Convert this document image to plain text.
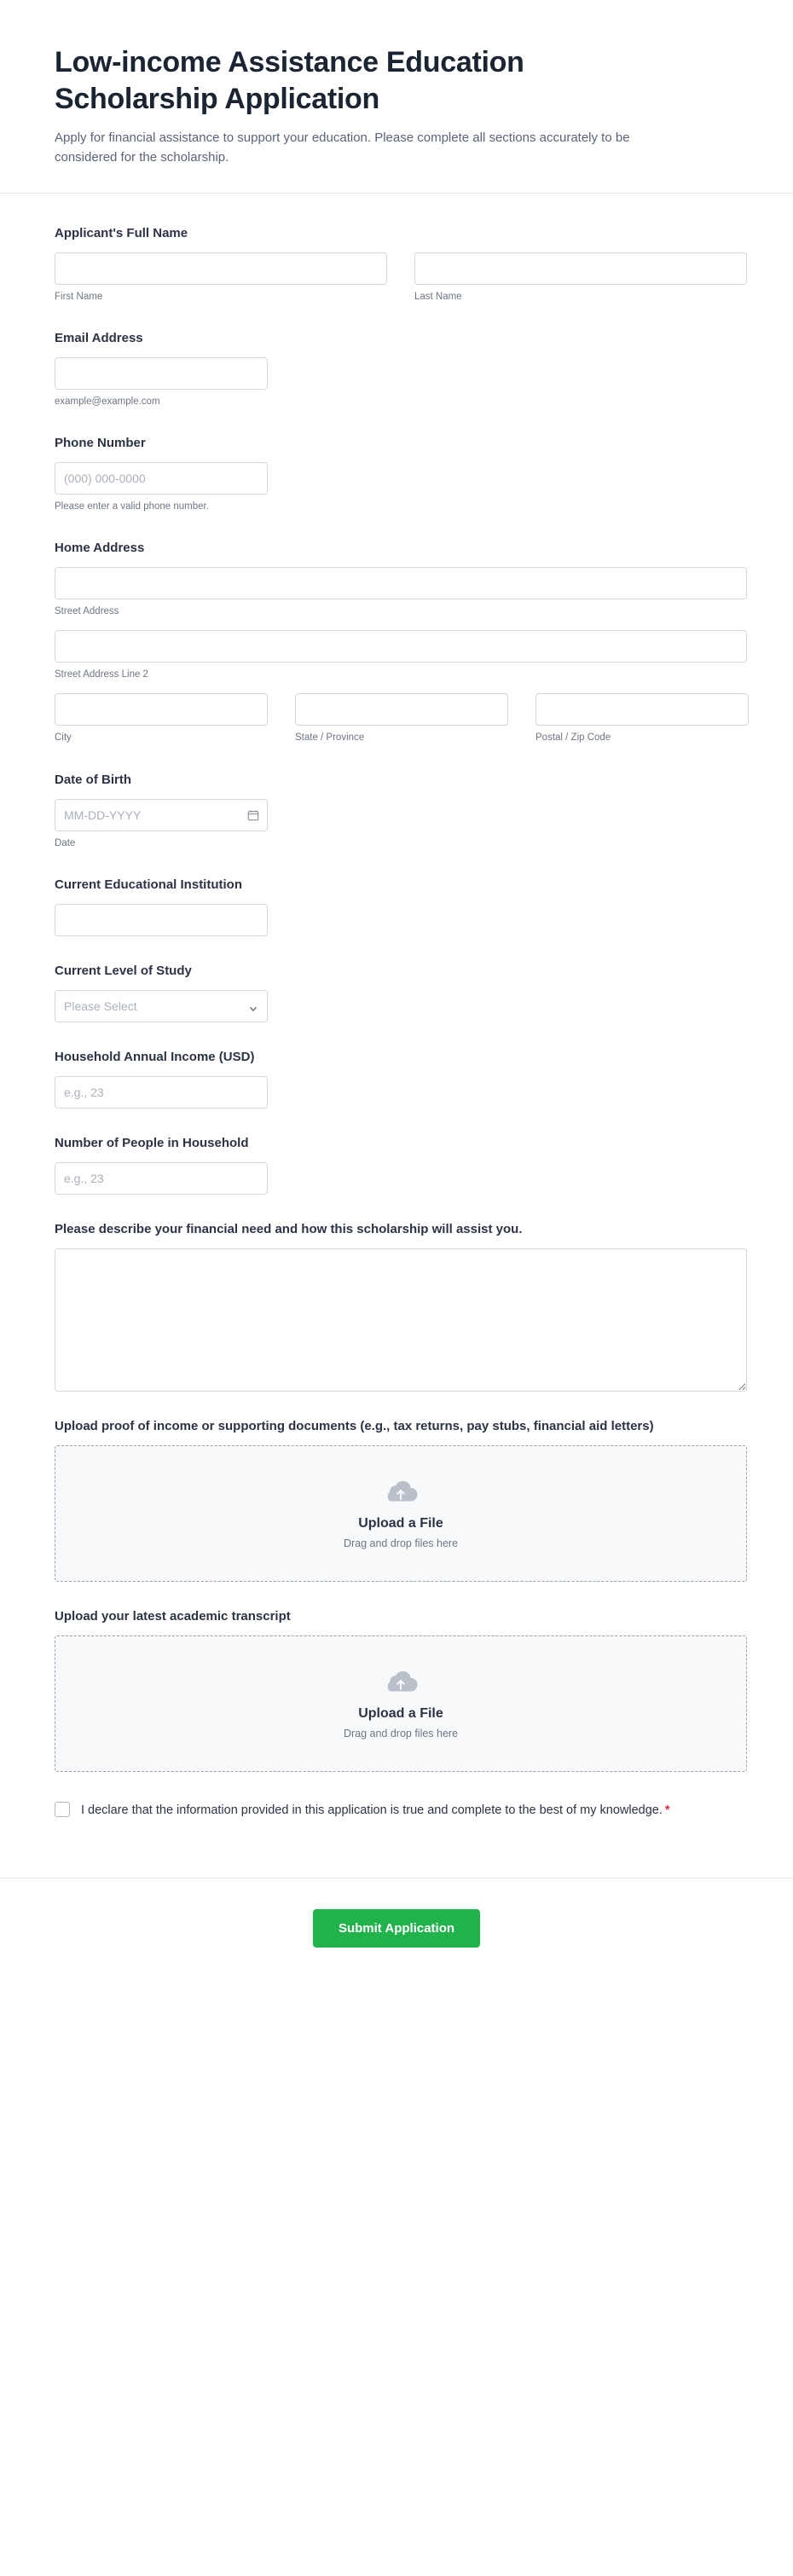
Low-income Assistance Education Scholarship Application

Apply for financial assistance to support your education. Please complete all sections accurately to be considered for the scholarship.

Applicant's Full Name
First Name	Last Name
Email Address
example@example.com
Phone Number
(000) 000-0000
Please enter a valid phone number.
Home Address
Street Address
Street Address Line 2
City	State / Province	Postal / Zip Code
Date of Birth
MM-DD-YYYY
Date
Current Educational Institution
Current Level of Study
Please Select
Household Annual Income (USD)
e.g., 23
Number of People in Household
e.g., 23
Please describe your financial need and how this scholarship will assist you.
Upload proof of income or supporting documents (e.g., tax returns, pay stubs, financial aid letters)
Upload a File
Drag and drop files here
Upload your latest academic transcript
Upload a File
Drag and drop files here
I declare that the information provided in this application is true and complete to the best of my knowledge. *
Submit Application
